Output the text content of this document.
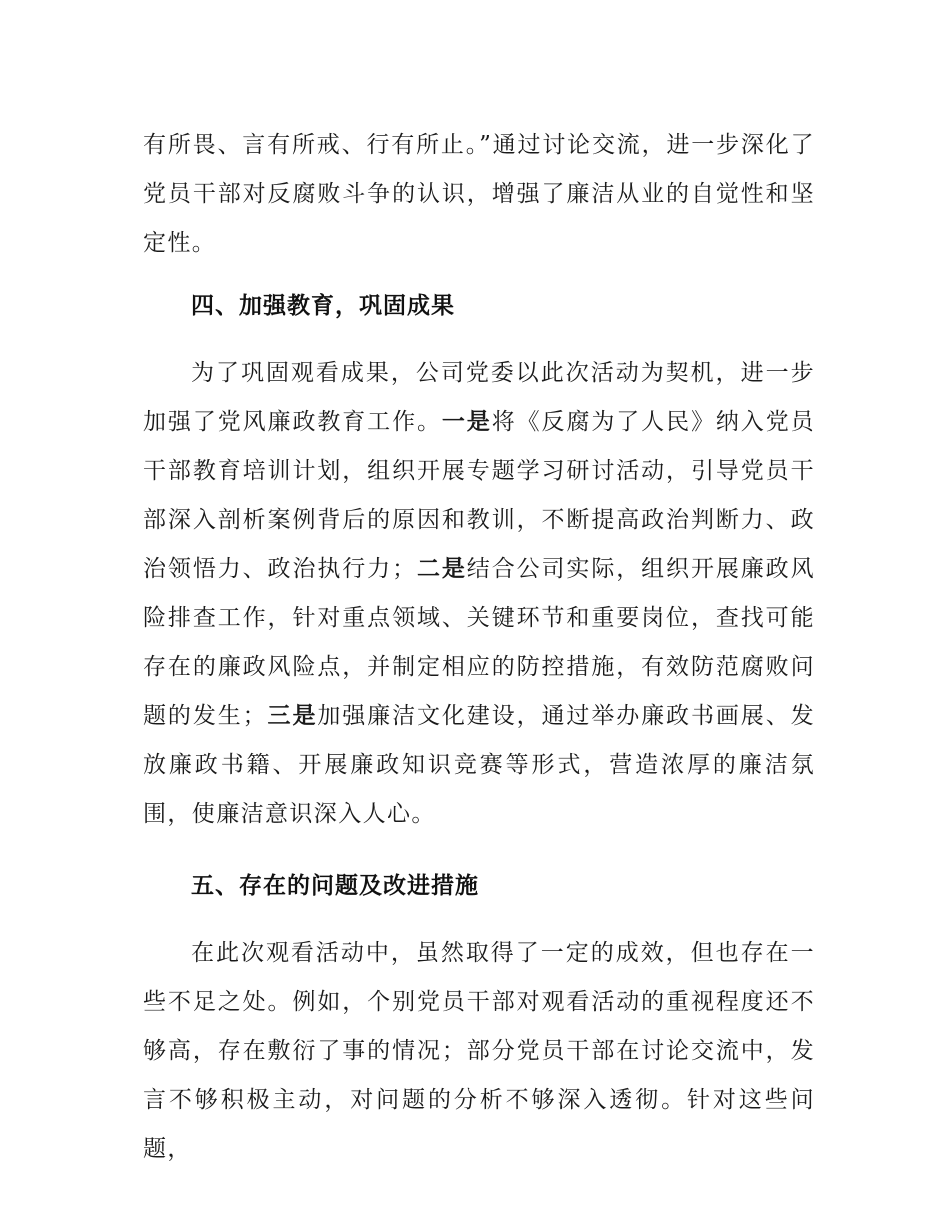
有所畏、言有所戒、行有所止。”通过讨论交流，进一步深化了党员干部对反腐败斗争的认识，增强了廉洁从业的自觉性和坚定性。
四、加强教育，巩固成果
为了巩固观看成果，公司党委以此次活动为契机，进一步加强了党风廉政教育工作。一是将《反腐为了人民》纳入党员干部教育培训计划，组织开展专题学习研讨活动，引导党员干部深入剖析案例背后的原因和教训，不断提高政治判断力、政治领悟力、政治执行力；二是结合公司实际，组织开展廉政风险排查工作，针对重点领域、关键环节和重要岗位，查找可能存在的廉政风险点，并制定相应的防控措施，有效防范腐败问题的发生；三是加强廉洁文化建设，通过举办廉政书画展、发放廉政书籍、开展廉政知识竞赛等形式，营造浓厚的廉洁氛围，使廉洁意识深入人心。
五、存在的问题及改进措施
在此次观看活动中，虽然取得了一定的成效，但也存在一些不足之处。例如，个别党员干部对观看活动的重视程度还不够高，存在敷衍了事的情况；部分党员干部在讨论交流中，发言不够积极主动，对问题的分析不够深入透彻。针对这些问题，
